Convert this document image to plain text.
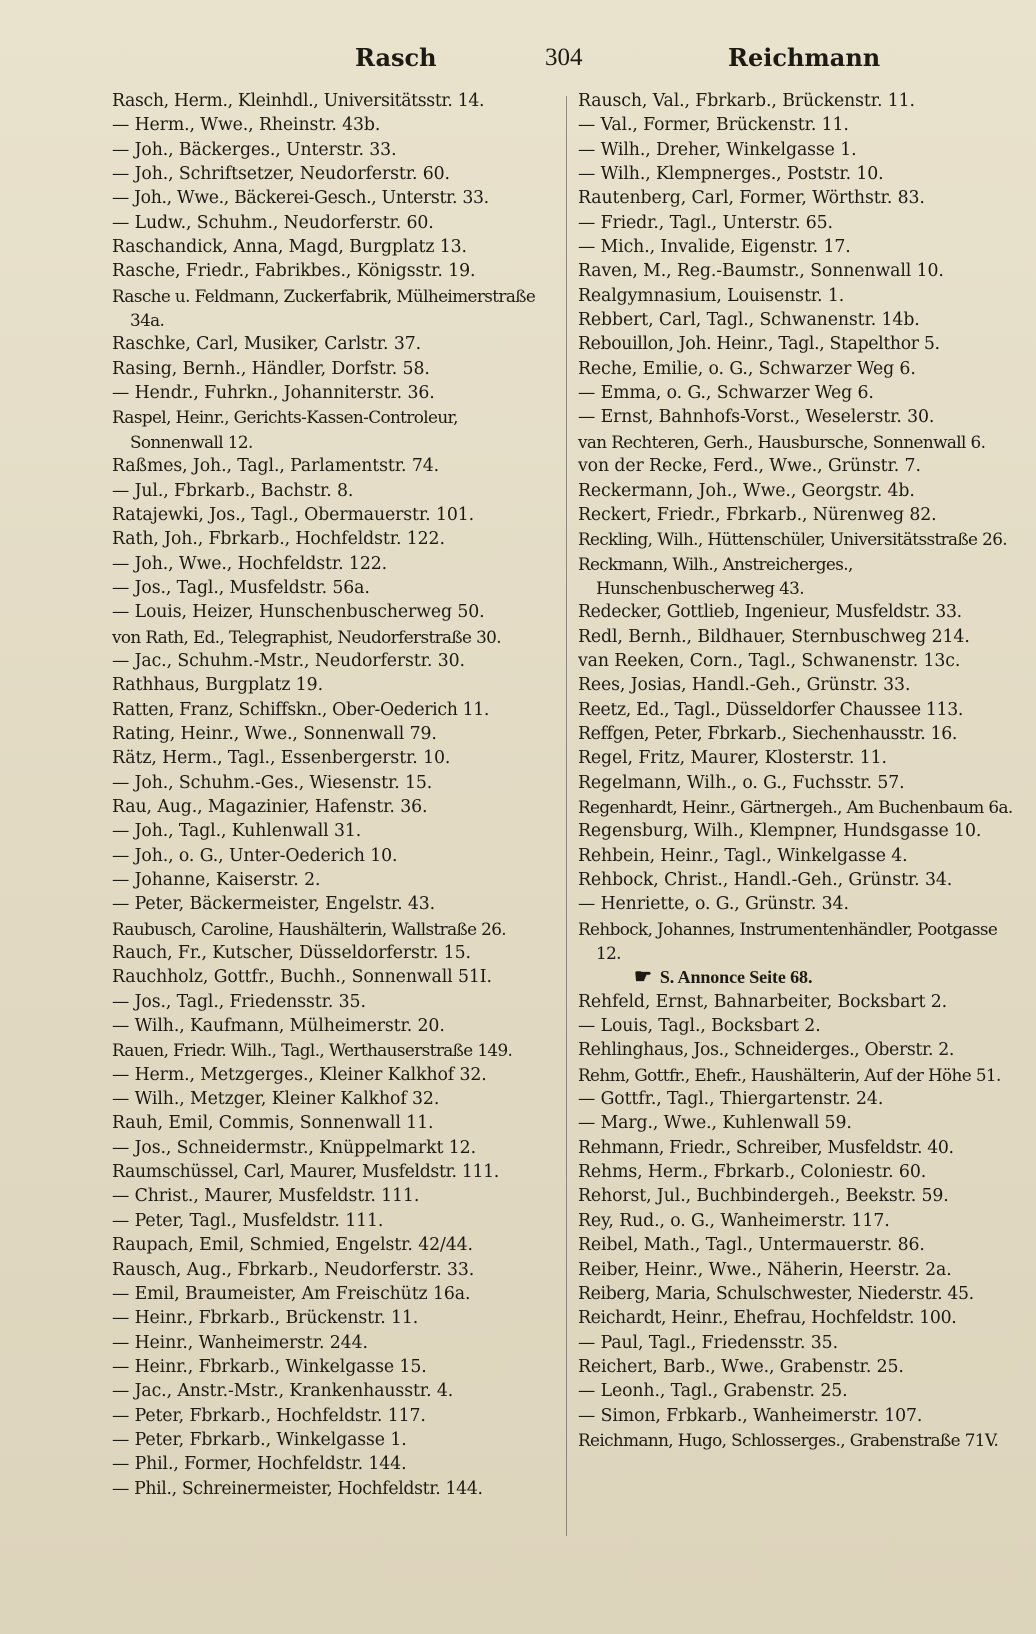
Rasch	304	Reichmann

Rasch, Herm., Kleinhdl., Universitätsstr. 14.

— Herm., Wwe., Rheinstr. 43b.

— Joh., Bäckerges., Unterstr. 33.

— Joh., Schriftsetzer, Neudorferstr. 60.

— Joh., Wwe., Bäckerei-Gesch., Unterstr. 33.

— Ludw., Schuhm., Neudorferstr. 60.

Raschandick, Anna, Magd, Burgplatz 13.

Rasche, Friedr., Fabrikbes., Königsstr. 19.

Rasche u. Feldmann, Zuckerfabrik, Mülheimerstraße 34a.

Raschke, Carl, Musiker, Carlstr. 37.

Rasing, Bernh., Händler, Dorfstr. 58.

— Hendr., Fuhrkn., Johanniterstr. 36.

Raspel, Heinr., Gerichts-Kassen-Controleur, Sonnenwall 12.

Raßmes, Joh., Tagl., Parlamentstr. 74.

— Jul., Fbrkarb., Bachstr. 8.

Ratajewki, Jos., Tagl., Obermauerstr. 101.

Rath, Joh., Fbrkarb., Hochfeldstr. 122.

— Joh., Wwe., Hochfeldstr. 122.

— Jos., Tagl., Musfeldstr. 56a.

— Louis, Heizer, Hunschenbuscherweg 50.

von Rath, Ed., Telegraphist, Neudorferstraße 30.

— Jac., Schuhm.-Mstr., Neudorferstr. 30.

Rathhaus, Burgplatz 19.

Ratten, Franz, Schiffskn., Ober-Oederich 11.

Rating, Heinr., Wwe., Sonnenwall 79.

Rätz, Herm., Tagl., Essenbergerstr. 10.

— Joh., Schuhm.-Ges., Wiesenstr. 15.

Rau, Aug., Magazinier, Hafenstr. 36.

— Joh., Tagl., Kuhlenwall 31.

— Joh., o. G., Unter-Oederich 10.

— Johanne, Kaiserstr. 2.

— Peter, Bäckermeister, Engelstr. 43.

Raubusch, Caroline, Haushälterin, Wallstraße 26.

Rauch, Fr., Kutscher, Düsseldorferstr. 15.

Rauchholz, Gottfr., Buchh., Sonnenwall 51I.

— Jos., Tagl., Friedensstr. 35.

— Wilh., Kaufmann, Mülheimerstr. 20.

Rauen, Friedr. Wilh., Tagl., Werthauserstraße 149.

— Herm., Metzgerges., Kleiner Kalkhof 32.

— Wilh., Metzger, Kleiner Kalkhof 32.

Rauh, Emil, Commis, Sonnenwall 11.

— Jos., Schneidermstr., Knüppelmarkt 12.

Raumschüssel, Carl, Maurer, Musfeldstr. 111.

— Christ., Maurer, Musfeldstr. 111.

— Peter, Tagl., Musfeldstr. 111.

Raupach, Emil, Schmied, Engelstr. 42/44.

Rausch, Aug., Fbrkarb., Neudorferstr. 33.

— Emil, Braumeister, Am Freischütz 16a.

— Heinr., Fbrkarb., Brückenstr. 11.

— Heinr., Wanheimerstr. 244.

— Heinr., Fbrkarb., Winkelgasse 15.

— Jac., Anstr.-Mstr., Krankenhausstr. 4.

— Peter, Fbrkarb., Hochfeldstr. 117.

— Peter, Fbrkarb., Winkelgasse 1.

— Phil., Former, Hochfeldstr. 144.

— Phil., Schreinermeister, Hochfeldstr. 144.

Rausch, Val., Fbrkarb., Brückenstr. 11.

— Val., Former, Brückenstr. 11.

— Wilh., Dreher, Winkelgasse 1.

— Wilh., Klempnerges., Poststr. 10.

Rautenberg, Carl, Former, Wörthstr. 83.

— Friedr., Tagl., Unterstr. 65.

— Mich., Invalide, Eigenstr. 17.

Raven, M., Reg.-Baumstr., Sonnenwall 10.

Realgymnasium, Louisenstr. 1.

Rebbert, Carl, Tagl., Schwanenstr. 14b.

Rebouillon, Joh. Heinr., Tagl., Stapelthor 5.

Reche, Emilie, o. G., Schwarzer Weg 6.

— Emma, o. G., Schwarzer Weg 6.

— Ernst, Bahnhofs-Vorst., Weselerstr. 30.

van Rechteren, Gerh., Hausbursche, Sonnenwall 6.

von der Recke, Ferd., Wwe., Grünstr. 7.

Reckermann, Joh., Wwe., Georgstr. 4b.

Reckert, Friedr., Fbrkarb., Nürenweg 82.

Reckling, Wilh., Hüttenschüler, Universitätsstraße 26.

Reckmann, Wilh., Anstreicherges., Hunschenbuscherweg 43.

Redecker, Gottlieb, Ingenieur, Musfeldstr. 33.

Redl, Bernh., Bildhauer, Sternbuschweg 214.

van Reeken, Corn., Tagl., Schwanenstr. 13c.

Rees, Josias, Handl.-Geh., Grünstr. 33.

Reetz, Ed., Tagl., Düsseldorfer Chaussee 113.

Reffgen, Peter, Fbrkarb., Siechenhausstr. 16.

Regel, Fritz, Maurer, Klosterstr. 11.

Regelmann, Wilh., o. G., Fuchsstr. 57.

Regenhardt, Heinr., Gärtnergeh., Am Buchenbaum 6a.

Regensburg, Wilh., Klempner, Hundsgasse 10.

Rehbein, Heinr., Tagl., Winkelgasse 4.

Rehbock, Christ., Handl.-Geh., Grünstr. 34.

— Henriette, o. G., Grünstr. 34.

Rehbock, Johannes, Instrumentenhändler, Pootgasse 12.

☛ S. Annonce Seite 68.

Rehfeld, Ernst, Bahnarbeiter, Bocksbart 2.

— Louis, Tagl., Bocksbart 2.

Rehlinghaus, Jos., Schneiderges., Oberstr. 2.

Rehm, Gottfr., Ehefr., Haushälterin, Auf der Höhe 51.

— Gottfr., Tagl., Thiergartenstr. 24.

— Marg., Wwe., Kuhlenwall 59.

Rehmann, Friedr., Schreiber, Musfeldstr. 40.

Rehms, Herm., Fbrkarb., Coloniestr. 60.

Rehorst, Jul., Buchbindergeh., Beekstr. 59.

Rey, Rud., o. G., Wanheimerstr. 117.

Reibel, Math., Tagl., Untermauerstr. 86.

Reiber, Heinr., Wwe., Näherin, Heerstr. 2a.

Reiberg, Maria, Schulschwester, Niederstr. 45.

Reichardt, Heinr., Ehefrau, Hochfeldstr. 100.

— Paul, Tagl., Friedensstr. 35.

Reichert, Barb., Wwe., Grabenstr. 25.

— Leonh., Tagl., Grabenstr. 25.

— Simon, Frbkarb., Wanheimerstr. 107.

Reichmann, Hugo, Schlosserges., Grabenstraße 71V.
